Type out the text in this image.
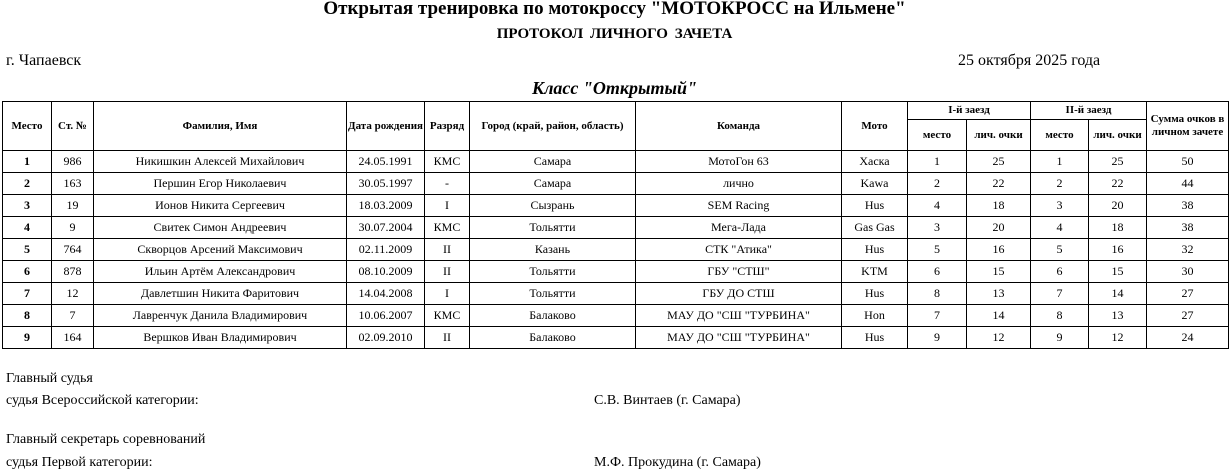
Открытая тренировка по мотокроссу "МОТОКРОСС на Ильмене"
ПРОТОКОЛ ЛИЧНОГО ЗАЧЕТА
г. Чапаевск	25 октября 2025 года
Класс "Открытый"
Место	Ст. №	Фамилия, Имя	Дата рождения	Разряд	Город (край, район, область)	Команда	Мото	I-й заезд		II-й заезд		Сумма очков в личном зачете
								место	лич. очки	место	лич. очки	
1	986	Никишкин Алексей Михайлович	24.05.1991	КМС	Самара	МотоГон 63	Хаска	1	25	1	25	50
2	163	Першин Егор Николаевич	30.05.1997	-	Самара	лично	Kawa	2	22	2	22	44
3	19	Ионов Никита Сергеевич	18.03.2009	I	Сызрань	SEM Racing	Hus	4	18	3	20	38
4	9	Свитек Симон Андреевич	30.07.2004	КМС	Тольятти	Мега-Лада	Gas Gas	3	20	4	18	38
5	764	Скворцов Арсений Максимович	02.11.2009	II	Казань	СТК "Атика"	Hus	5	16	5	16	32
6	878	Ильин Артём Александрович	08.10.2009	II	Тольятти	ГБУ "СТШ"	KTM	6	15	6	15	30
7	12	Давлетшин Никита Фаритович	14.04.2008	I	Тольятти	ГБУ ДО СТШ	Hus	8	13	7	14	27
8	7	Лавренчук Данила Владимирович	10.06.2007	КМС	Балаково	МАУ ДО "СШ "ТУРБИНА"	Hon	7	14	8	13	27
9	164	Вершков Иван Владимирович	02.09.2010	II	Балаково	МАУ ДО "СШ "ТУРБИНА"	Hus	9	12	9	12	24
Главный судья
судья Всероссийской категории:	С.В. Винтаев (г. Самара)
Главный секретарь соревнований
судья Первой категории:	М.Ф. Прокудина (г. Самара)
